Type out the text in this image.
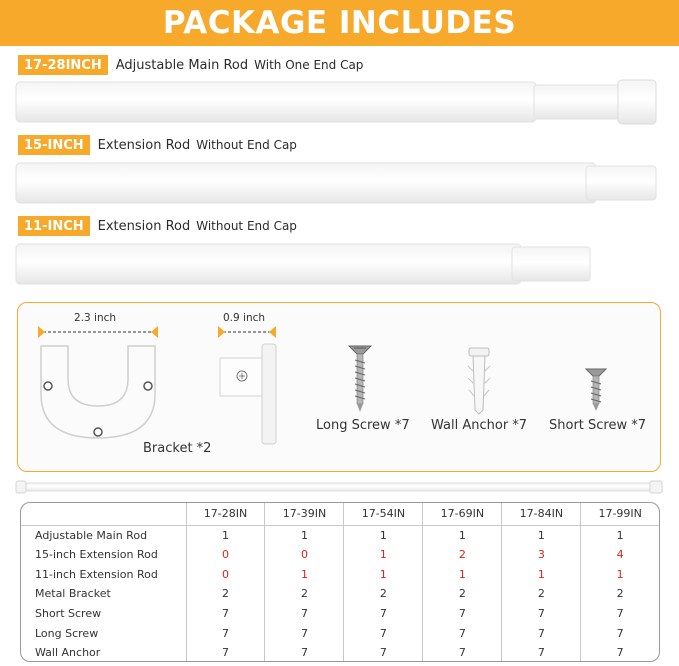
PACKAGE INCLUDES
17-28INCH	Adjustable Main Rod With One End Cap
15-INCH	Extension Rod Without End Cap
11-INCH	Extension Rod Without End Cap
2.3 inch
Bracket *2
0.9 inch
Long Screw *7 Wall Anchor *7 Short Screw *7
	17-28IN	17-39IN	17-54IN	17-69IN	17-84IN	17-99IN
Adjustable Main Rod	1	1	1	1	1	1
15-inch Extension Rod	0	0	1	2	3	4
11-inch Extension Rod	0	1	1	1	1	1
Metal Bracket	2	2	2	2	2	2
Short Screw	7	7	7	7	7	7
Long Screw	7	7	7	7	7	7
Wall Anchor	7	7	7	7	7	7
